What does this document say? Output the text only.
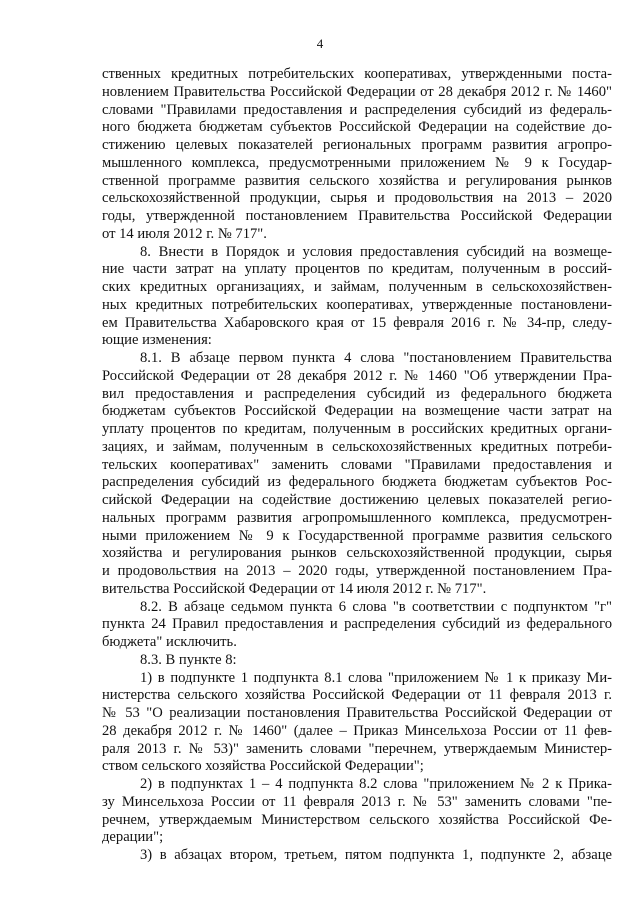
4
ственных кредитных потребительских кооперативах, утвержденными поста-
новлением Правительства Российской Федерации от 28 декабря 2012 г. № 1460"
словами "Правилами предоставления и распределения субсидий из федераль-
ного бюджета бюджетам субъектов Российской Федерации на содействие до-
стижению целевых показателей региональных программ развития агропро-
мышленного комплекса, предусмотренными приложением № 9 к Государ-
ственной программе развития сельского хозяйства и регулирования рынков
сельскохозяйственной продукции, сырья и продовольствия на 2013 – 2020
годы, утвержденной постановлением Правительства Российской Федерации
от 14 июля 2012 г. № 717".
8. Внести в Порядок и условия предоставления субсидий на возмеще-
ние части затрат на уплату процентов по кредитам, полученным в россий-
ских кредитных организациях, и займам, полученным в сельскохозяйствен-
ных кредитных потребительских кооперативах, утвержденные постановлени-
ем Правительства Хабаровского края от 15 февраля 2016 г. № 34-пр, следу-
ющие изменения:
8.1. В абзаце первом пункта 4 слова "постановлением Правительства
Российской Федерации от 28 декабря 2012 г. № 1460 "Об утверждении Пра-
вил предоставления и распределения субсидий из федерального бюджета
бюджетам субъектов Российской Федерации на возмещение части затрат на
уплату процентов по кредитам, полученным в российских кредитных органи-
зациях, и займам, полученным в сельскохозяйственных кредитных потреби-
тельских кооперативах" заменить словами "Правилами предоставления и
распределения субсидий из федерального бюджета бюджетам субъектов Рос-
сийской Федерации на содействие достижению целевых показателей регио-
нальных программ развития агропромышленного комплекса, предусмотрен-
ными приложением № 9 к Государственной программе развития сельского
хозяйства и регулирования рынков сельскохозяйственной продукции, сырья
и продовольствия на 2013 – 2020 годы, утвержденной постановлением Пра-
вительства Российской Федерации от 14 июля 2012 г. № 717".
8.2. В абзаце седьмом пункта 6 слова "в соответствии с подпунктом "г"
пункта 24 Правил предоставления и распределения субсидий из федерального
бюджета" исключить.
8.3. В пункте 8:
1) в подпункте 1 подпункта 8.1 слова "приложением № 1 к приказу Ми-
нистерства сельского хозяйства Российской Федерации от 11 февраля 2013 г.
№ 53 "О реализации постановления Правительства Российской Федерации от
28 декабря 2012 г. № 1460" (далее – Приказ Минсельхоза России от 11 фев-
раля 2013 г. № 53)" заменить словами "перечнем, утверждаемым Министер-
ством сельского хозяйства Российской Федерации";
2) в подпунктах 1 – 4 подпункта 8.2 слова "приложением № 2 к Прика-
зу Минсельхоза России от 11 февраля 2013 г. № 53" заменить словами "пе-
речнем, утверждаемым Министерством сельского хозяйства Российской Фе-
дерации";
3) в абзацах втором, третьем, пятом подпункта 1, подпункте 2, абзаце
